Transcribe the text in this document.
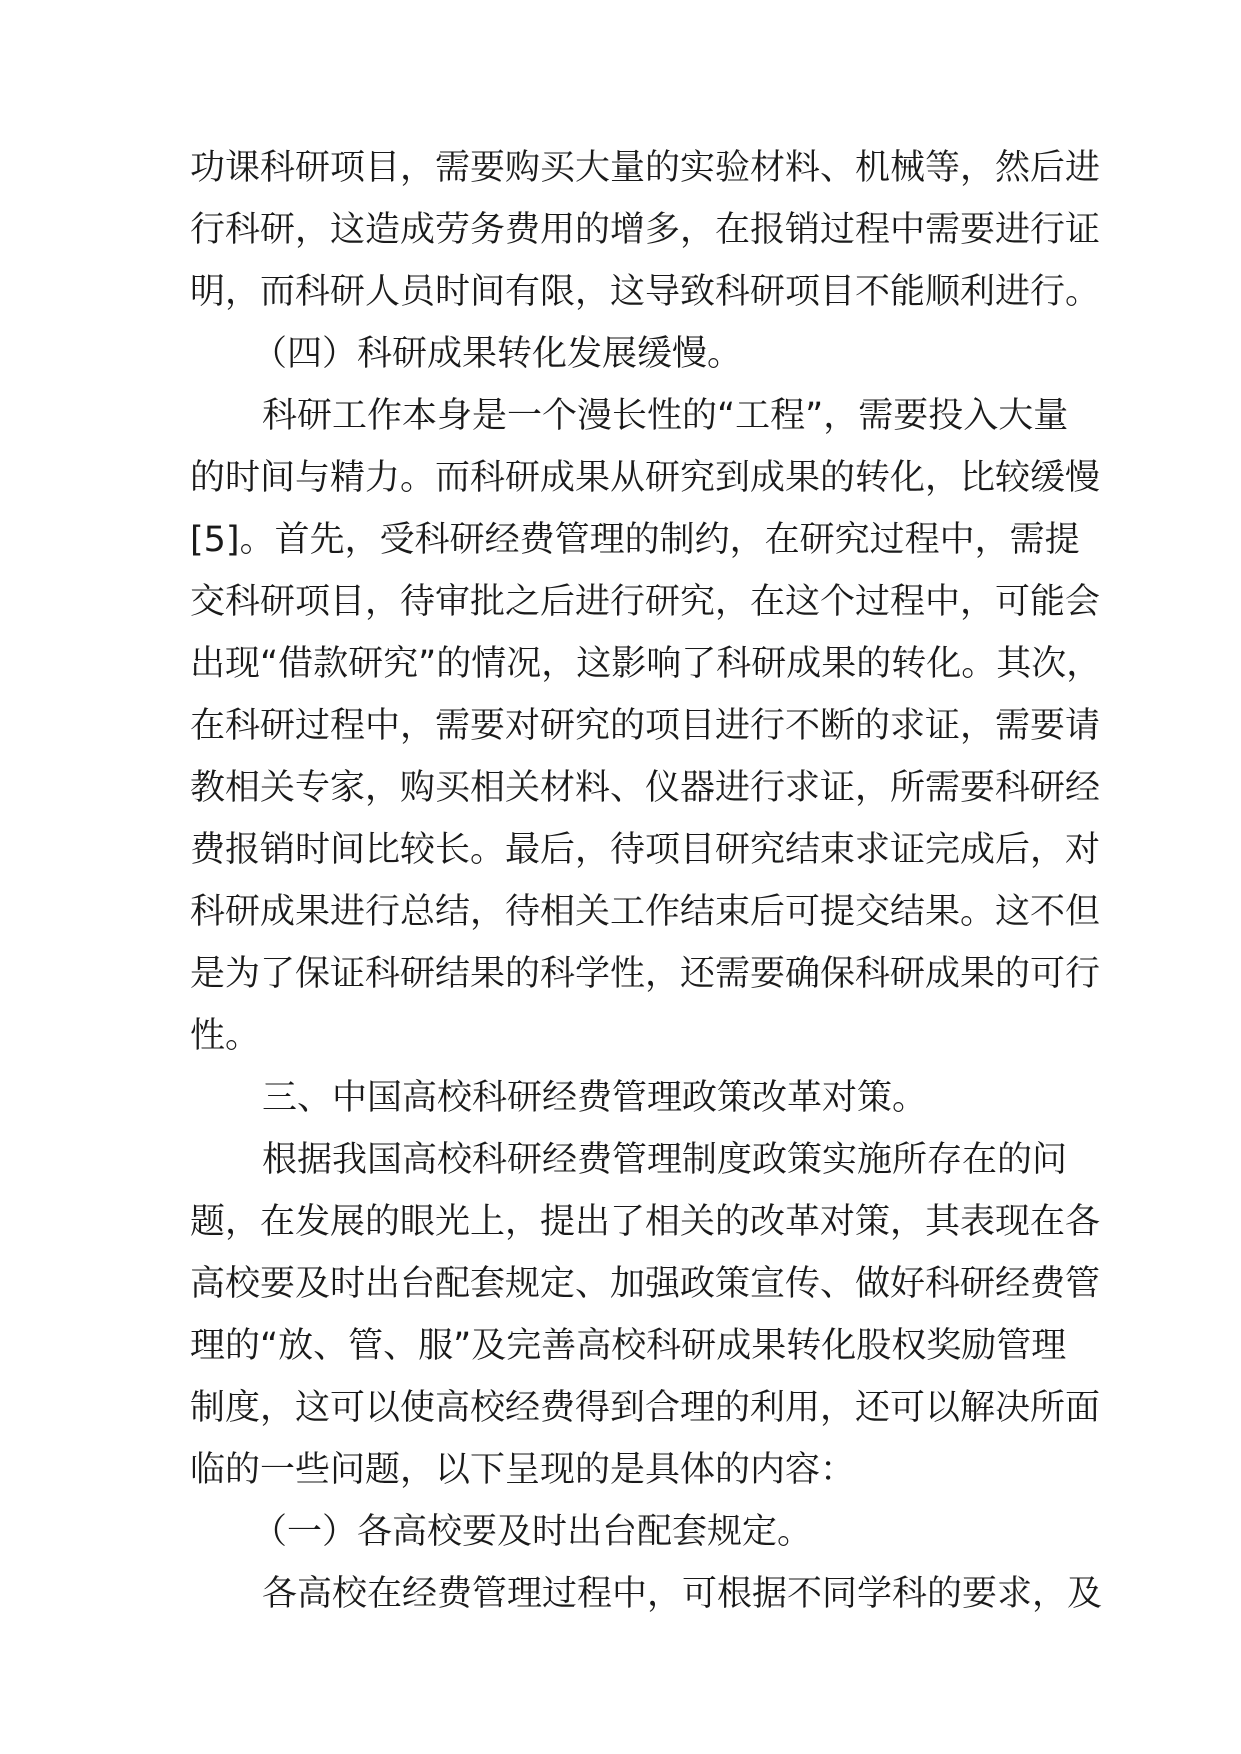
功课科研项目，需要购买大量的实验材料、机械等，然后进
行科研，这造成劳务费用的增多，在报销过程中需要进行证
明，而科研人员时间有限，这导致科研项目不能顺利进行。
（四）科研成果转化发展缓慢。
科研工作本身是一个漫长性的“工程”，需要投入大量
的时间与精力。而科研成果从研究到成果的转化，比较缓慢
[5]。首先，受科研经费管理的制约，在研究过程中，需提
交科研项目，待审批之后进行研究，在这个过程中，可能会
出现“借款研究”的情况，这影响了科研成果的转化。其次，
在科研过程中，需要对研究的项目进行不断的求证，需要请
教相关专家，购买相关材料、仪器进行求证，所需要科研经
费报销时间比较长。最后，待项目研究结束求证完成后，对
科研成果进行总结，待相关工作结束后可提交结果。这不但
是为了保证科研结果的科学性，还需要确保科研成果的可行
性。
三、中国高校科研经费管理政策改革对策。
根据我国高校科研经费管理制度政策实施所存在的问
题，在发展的眼光上，提出了相关的改革对策，其表现在各
高校要及时出台配套规定、加强政策宣传、做好科研经费管
理的“放、管、服”及完善高校科研成果转化股权奖励管理
制度，这可以使高校经费得到合理的利用，还可以解决所面
临的一些问题，以下呈现的是具体的内容：
（一）各高校要及时出台配套规定。
各高校在经费管理过程中，可根据不同学科的要求，及
